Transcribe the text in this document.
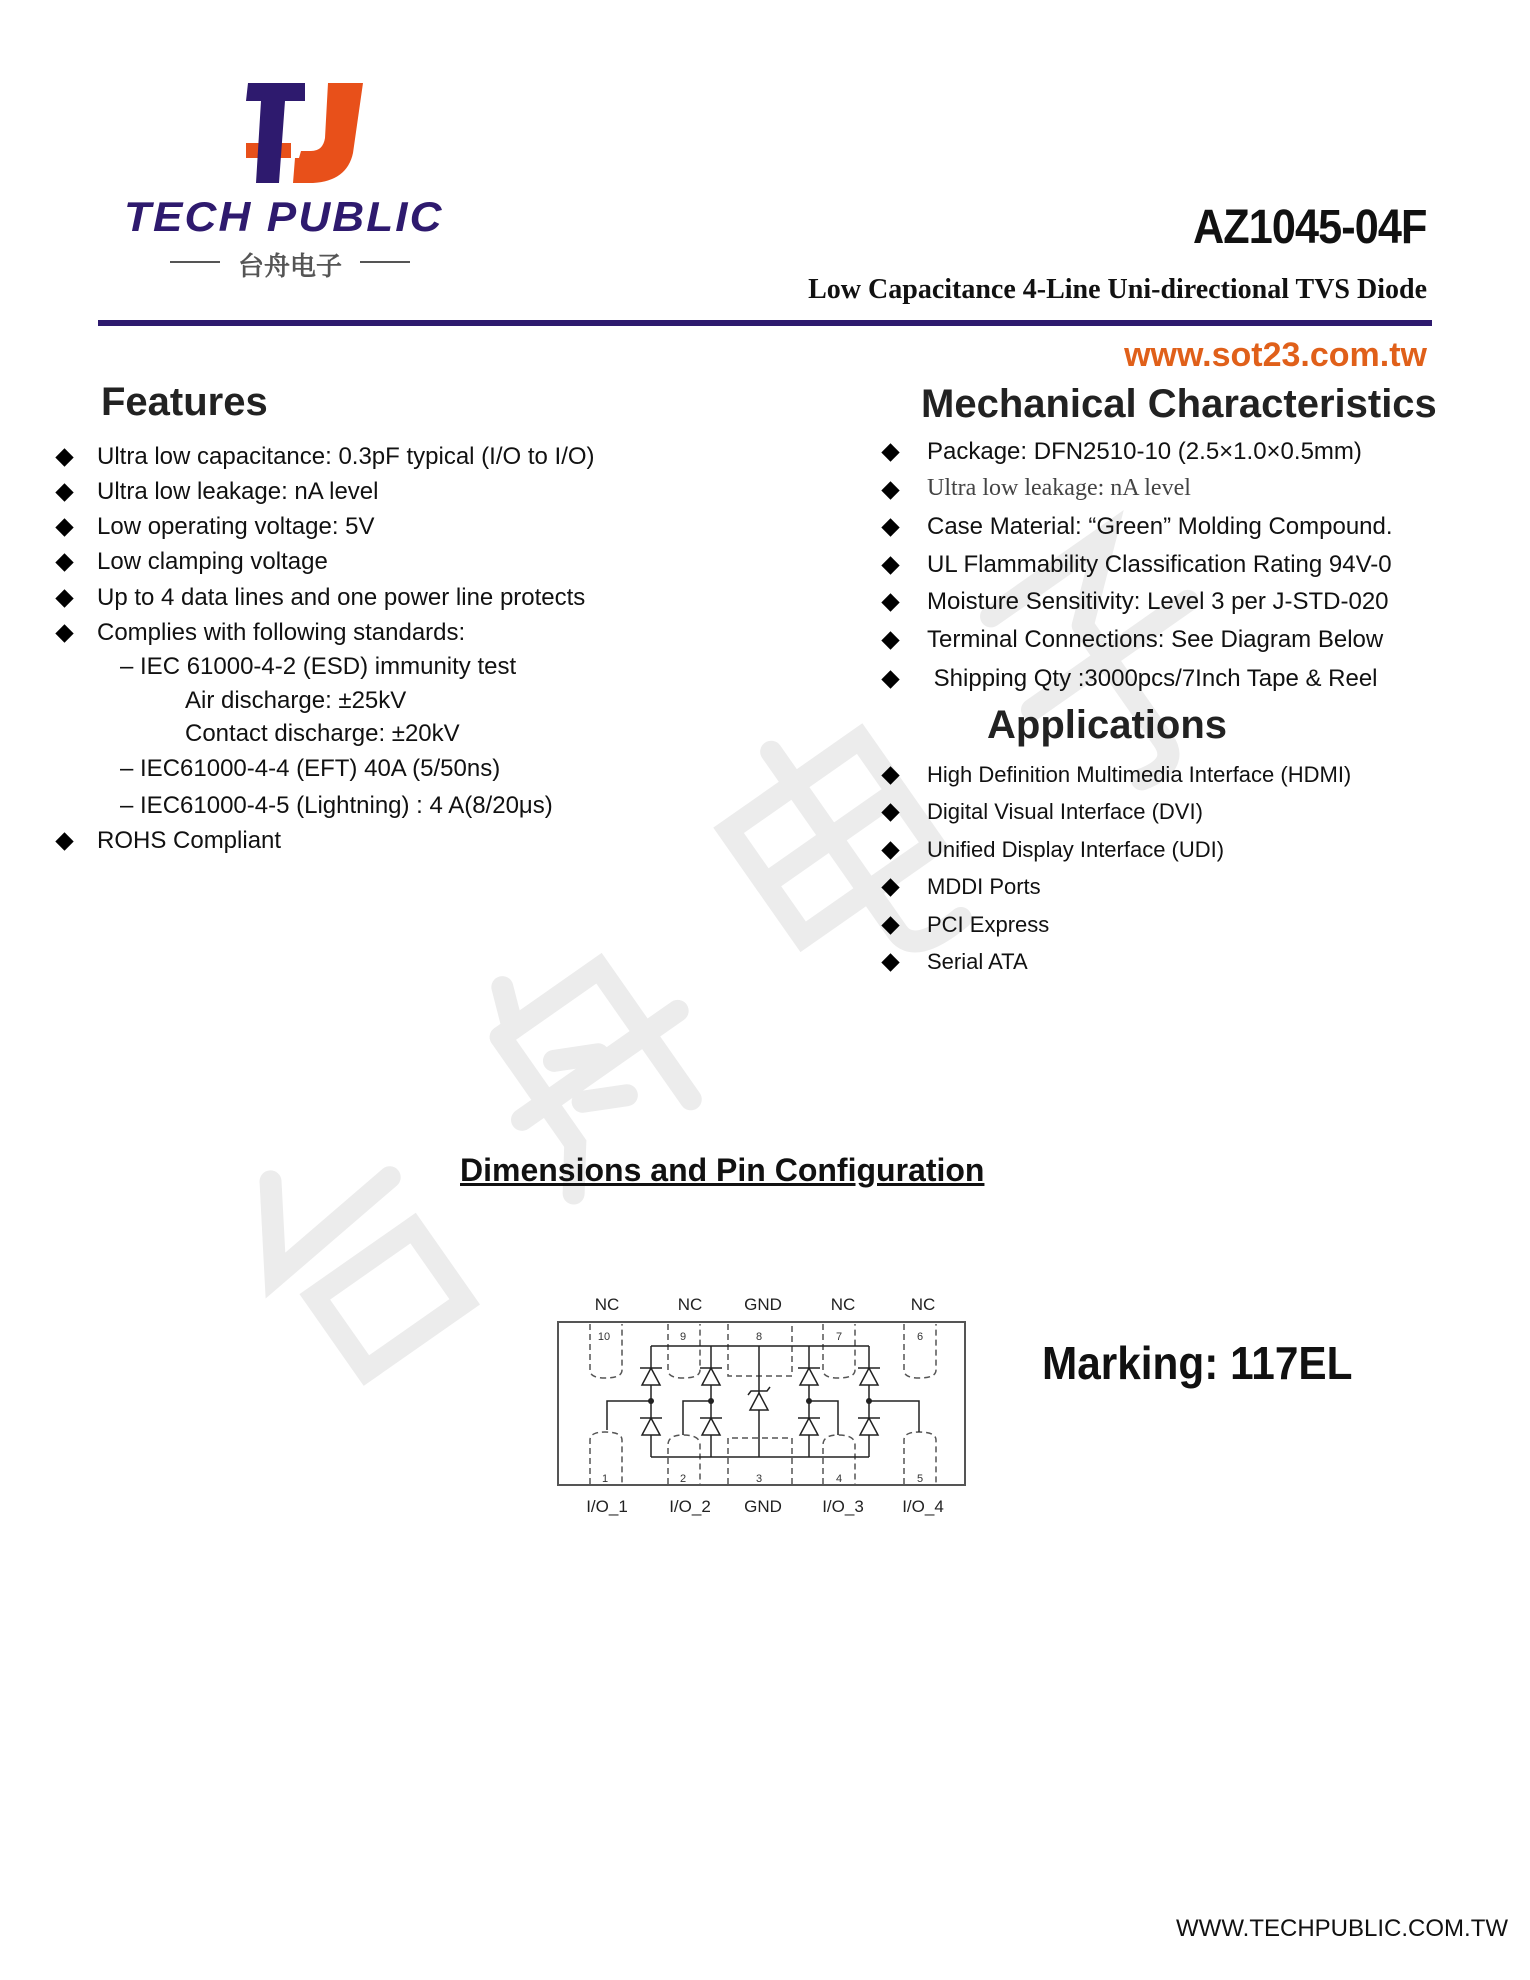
TECH PUBLIC
台舟电子
AZ1045-04F
Low Capacitance 4-Line Uni-directional TVS Diode
www.sot23.com.tw
Features
Ultra low capacitance: 0.3pF typical (I/O to I/O)
Ultra low leakage: nA level
Low operating voltage: 5V
Low clamping voltage
Up to 4 data lines and one power line protects
Complies with following standards:
– IEC 61000-4-2 (ESD) immunity test
Air discharge: ±25kV
Contact discharge: ±20kV
– IEC61000-4-4 (EFT) 40A (5/50ns)
– IEC61000-4-5 (Lightning) : 4 A(8/20μs)
ROHS Compliant
Mechanical Characteristics
Package: DFN2510-10 (2.5×1.0×0.5mm)
Ultra low leakage: nA level
Case Material: “Green” Molding Compound.
UL Flammability Classification Rating 94V-0
Moisture Sensitivity: Level 3 per J-STD-020
Terminal Connections: See Diagram Below
Shipping Qty :3000pcs/7Inch Tape & Reel
Applications
High Definition Multimedia Interface (HDMI)
Digital Visual Interface (DVI)
Unified Display Interface (UDI)
MDDI Ports
PCI Express
Serial ATA
Dimensions and Pin Configuration
NC	NC GND	NC	NC
I/O_1 I/O_2 GND I/O_3 I/O_4
10	9	8	7	6
1	2	3	4	5
Marking: 117EL
WWW.TECHPUBLIC.COM.TW
